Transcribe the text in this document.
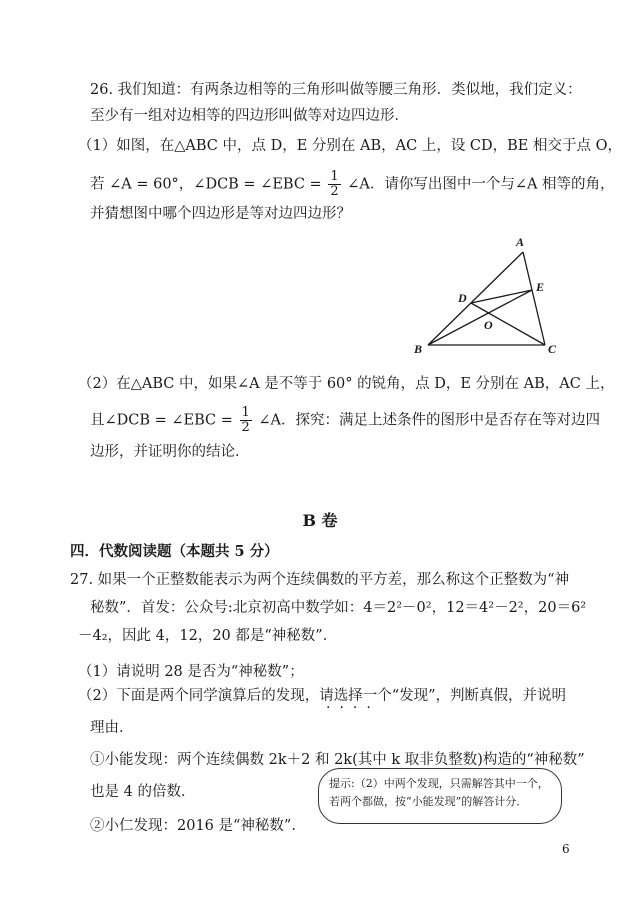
26. 我们知道：有两条边相等的三角形叫做等腰三角形．类似地，我们定义：
至少有一组对边相等的四边形叫做等对边四边形．
（1）如图，在△ABC 中，点 D，E 分别在 AB，AC 上，设 CD，BE 相交于点 O，
若 ∠A = 60°，∠DCB = ∠EBC = $\frac{1}{2}$ ∠A．请你写出图中一个与∠A 相等的角，
并猜想图中哪个四边形是等对边四边形？
A
B	C
D
E
O
（2）在△ABC 中，如果∠A 是不等于 60° 的锐角，点 D，E 分别在 AB，AC 上，
且∠DCB = ∠EBC = $\frac{1}{2}$ ∠A．探究：满足上述条件的图形中是否存在等对边四
边形，并证明你的结论．
B 卷
四．代数阅读题（本题共 5 分）
27. 如果一个正整数能表示为两个连续偶数的平方差，那么称这个正整数为“神
秘数”．首发：公众号:北京初高中数学如：4＝2²－0²，12＝4²－2²，20＝6²
－4₂，因此 4，12，20 都是“神秘数”．
（1）请说明 28 是否为“神秘数”；
（2）下面是两个同学演算后的发现，请选择一个“发现”，判断真假，并说明
····
理由．
①小能发现：两个连续偶数 2k＋2 和 2k(其中 k 取非负整数)构造的“神秘数”
也是 4 的倍数．
②小仁发现：2016 是“神秘数”．
提示:（2）中两个发现，只需解答其中一个，
若两个都做，按“小能发现”的解答计分．
6
